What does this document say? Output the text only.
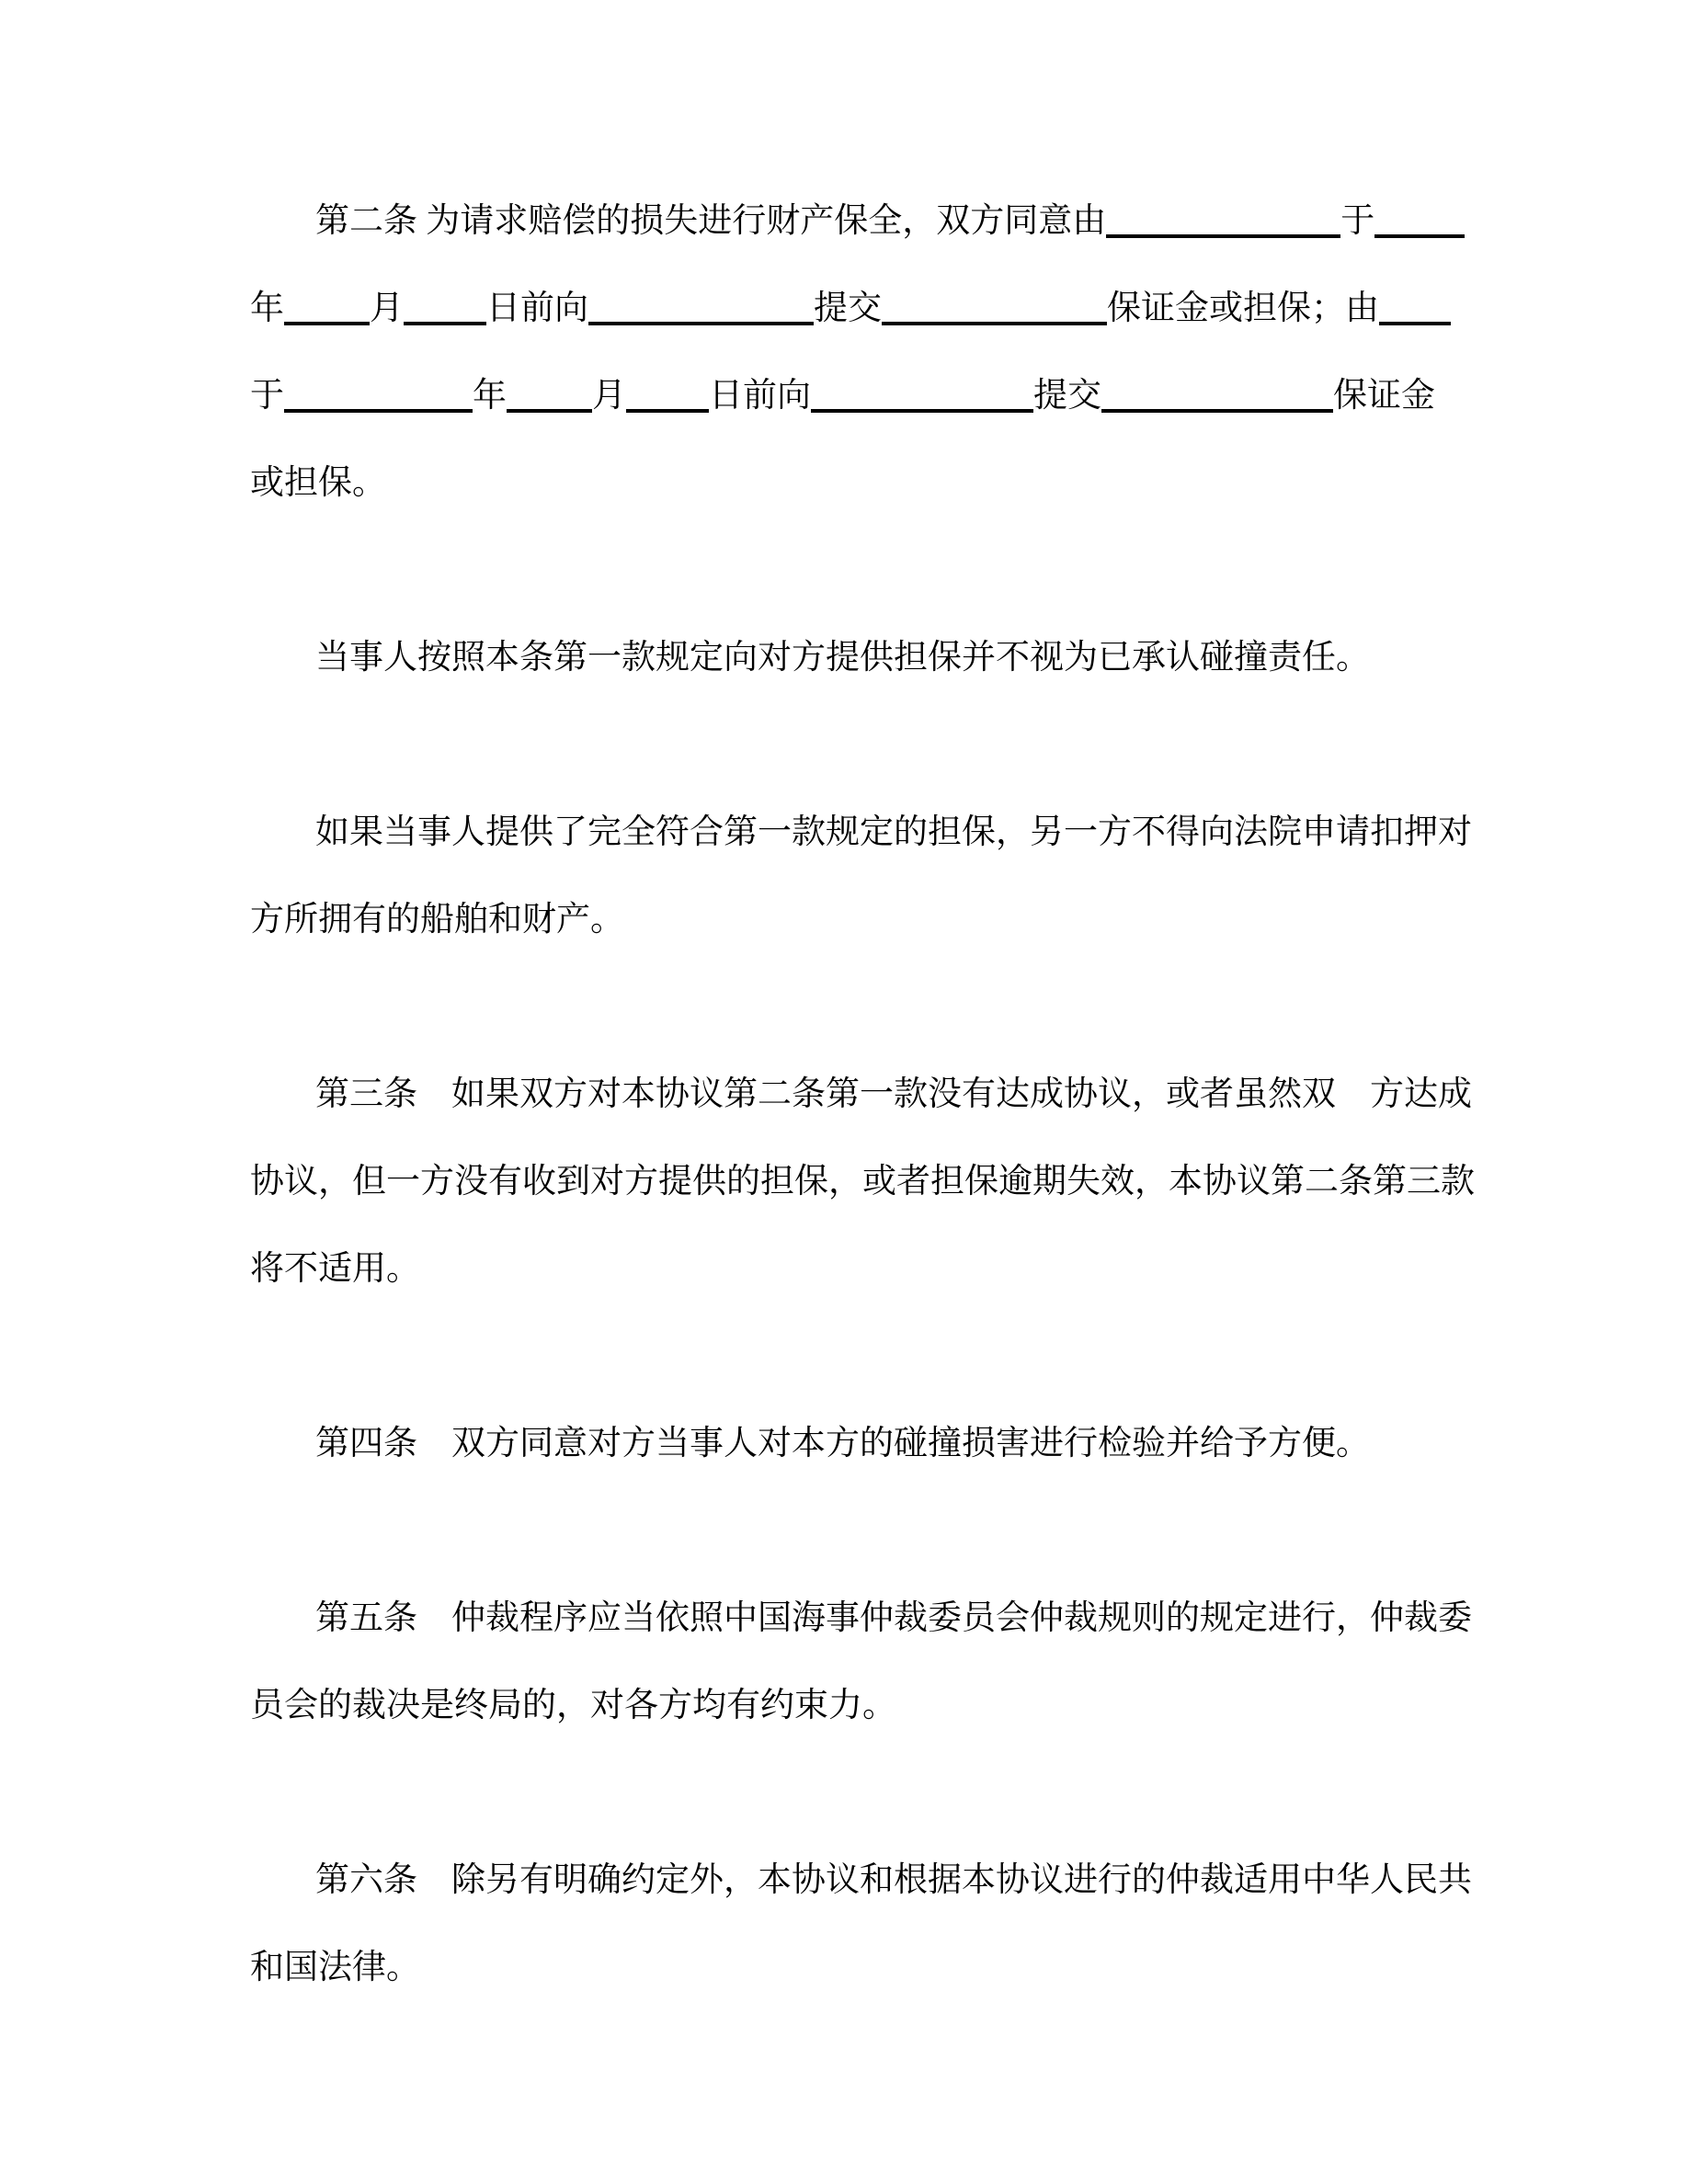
第二条 为请求赔偿的损失进行财产保全，双方同意由	于
年	月 日前向	提交	保证金或担保；由
于	年	月 日前向	提交	保证金
或担保。
当事人按照本条第一款规定向对方提供担保并不视为已承认碰撞责任。
如果当事人提供了完全符合第一款规定的担保，另一方不得向法院申请扣押对
方所拥有的船舶和财产。
第三条　如果双方对本协议第二条第一款没有达成协议，或者虽然双　方达成
协议，但一方没有收到对方提供的担保，或者担保逾期失效，本协议第二条第三款
将不适用。
第四条　双方同意对方当事人对本方的碰撞损害进行检验并给予方便。
第五条　仲裁程序应当依照中国海事仲裁委员会仲裁规则的规定进行，仲裁委
员会的裁决是终局的，对各方均有约束力。
第六条　除另有明确约定外，本协议和根据本协议进行的仲裁适用中华人民共
和国法律。
